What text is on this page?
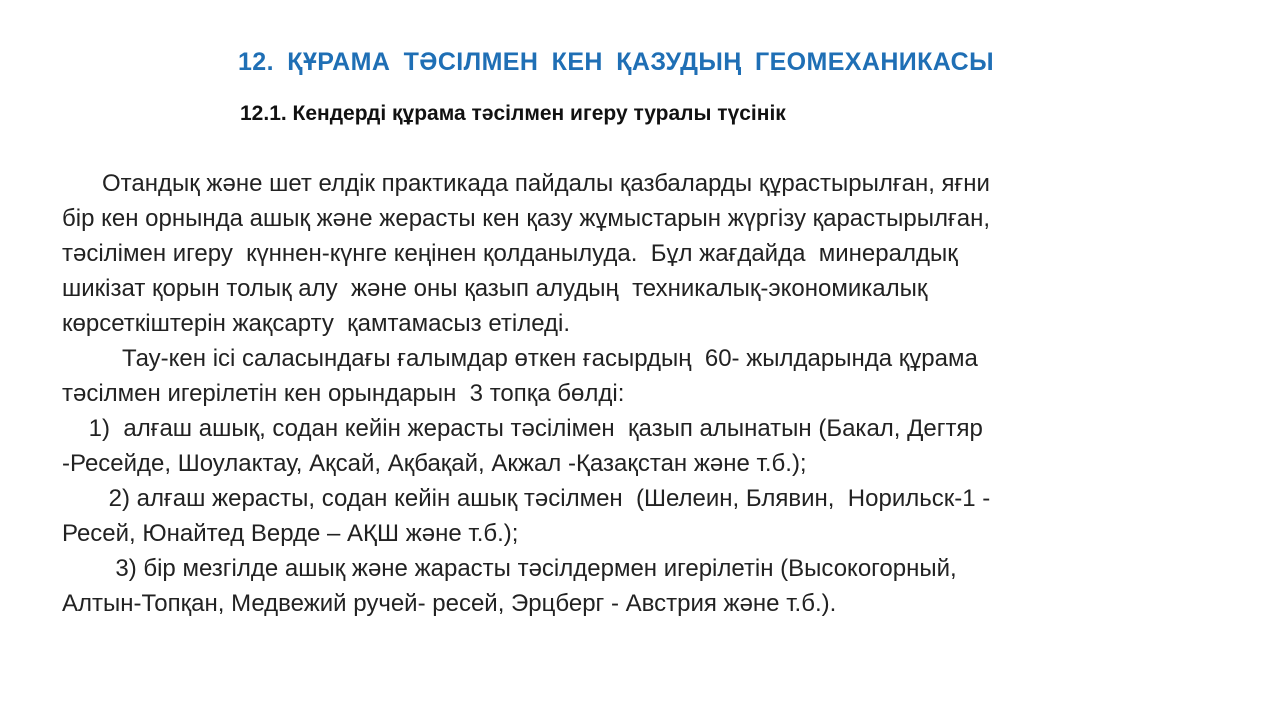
12. ҚҰРАМА ТӘСІЛМЕН КЕН ҚАЗУДЫҢ ГЕОМЕХАНИКАСЫ
12.1. Кендерді құрама тәсілмен игеру туралы түсінік
Отандық және шет елдік практикада пайдалы қазбаларды құрастырылған, яғни
бір кен орнында ашық және жерасты кен қазу жұмыстарын жүргізу қарастырылған,
тәсілімен игеру  күннен-күнге кеңінен қолданылуда.  Бұл жағдайда  минералдық
шикізат қорын толық алу  және оны қазып алудың  техникалық-экономикалық
көрсеткіштерін жақсарту  қамтамасыз етіледі.
Тау-кен ісі саласындағы ғалымдар өткен ғасырдың  60- жылдарында құрама
тәсілмен игерілетін кен орындарын  3 топқа бөлді:
1)  алғаш ашық, содан кейін жерасты тәсілімен  қазып алынатын (Бакал, Дегтяр
-Ресейде, Шоулактау, Ақсай, Ақбақай, Акжал -Қазақстан және т.б.);
2) алғаш жерасты, содан кейін ашық тәсілмен  (Шелеин, Блявин,  Норильск-1 -
Ресей, Юнайтед Верде – АҚШ және т.б.);
3) бір мезгілде ашық және жарасты тәсілдермен игерілетін (Высокогорный,
Алтын-Топқан, Медвежий ручей- ресей, Эрцберг - Австрия және т.б.).
